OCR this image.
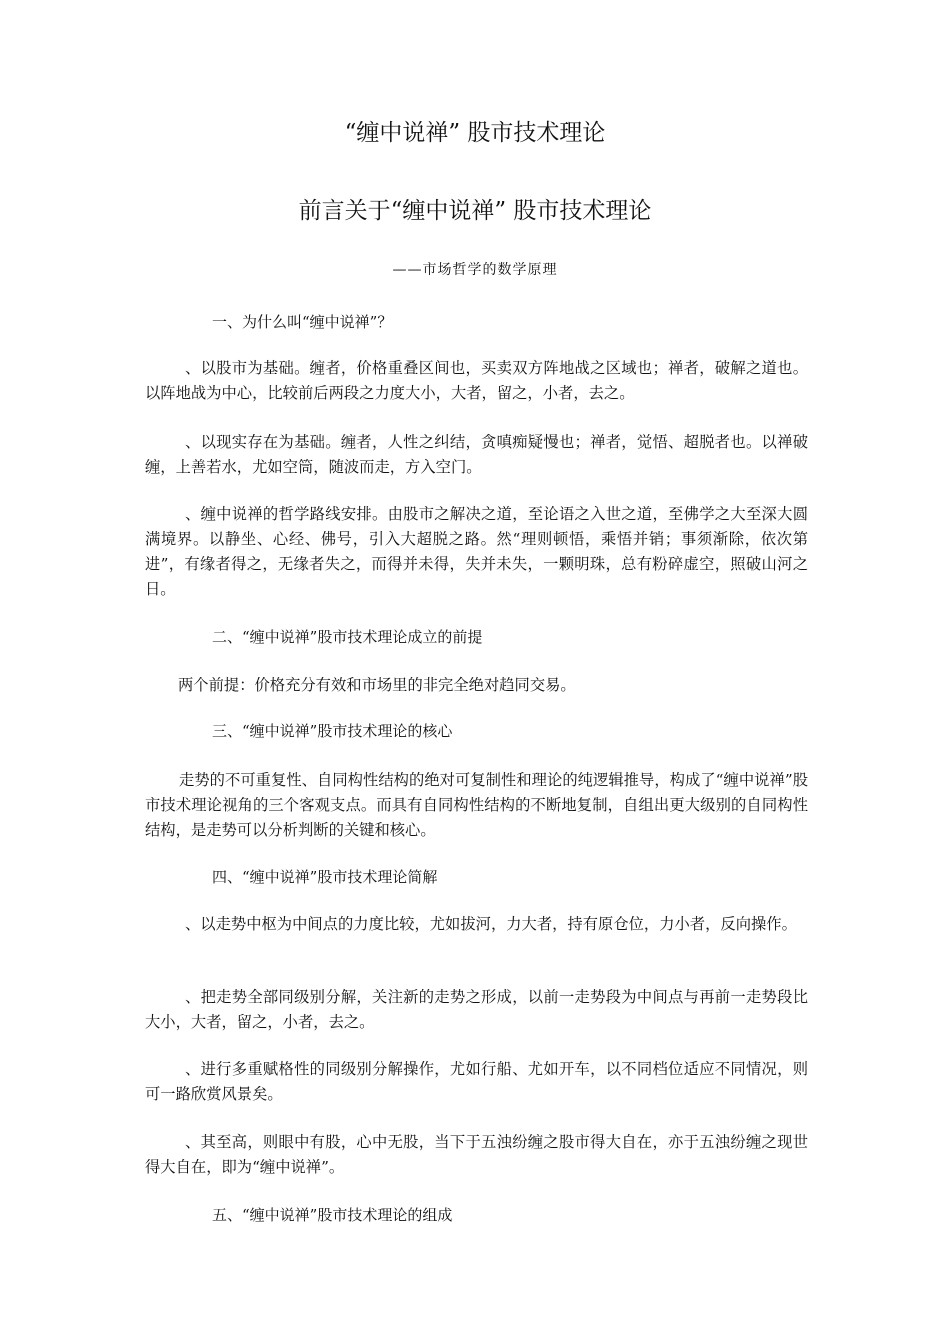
“缠中说禅” 股市技术理论
前言关于“缠中说禅” 股市技术理论
——市场哲学的数学原理
一、为什么叫“缠中说禅”？
、以股市为基础。缠者，价格重叠区间也，买卖双方阵地战之区域也；禅者，破解之道也。以阵地战为中心，比较前后两段之力度大小，大者，留之，小者，去之。
、以现实存在为基础。缠者，人性之纠结，贪嗔痴疑慢也；禅者，觉悟、超脱者也。以禅破缠，上善若水，尤如空筒，随波而走，方入空门。
、缠中说禅的哲学路线安排。由股市之解决之道，至论语之入世之道，至佛学之大至深大圆满境界。以静坐、心经、佛号，引入大超脱之路。然“理则顿悟，乘悟并销；事须渐除，依次第进”，有缘者得之，无缘者失之，而得并未得，失并未失，一颗明珠，总有粉碎虚空，照破山河之日。
二、“缠中说禅”股市技术理论成立的前提
两个前提：价格充分有效和市场里的非完全绝对趋同交易。
三、“缠中说禅”股市技术理论的核心
走势的不可重复性、自同构性结构的绝对可复制性和理论的纯逻辑推导，构成了“缠中说禅”股市技术理论视角的三个客观支点。而具有自同构性结构的不断地复制，自组出更大级别的自同构性结构，是走势可以分析判断的关键和核心。
四、“缠中说禅”股市技术理论简解
、以走势中枢为中间点的力度比较，尤如拔河，力大者，持有原仓位，力小者，反向操作。
、把走势全部同级别分解，关注新的走势之形成，以前一走势段为中间点与再前一走势段比大小，大者，留之，小者，去之。
、进行多重赋格性的同级别分解操作，尤如行船、尤如开车，以不同档位适应不同情况，则可一路欣赏风景矣。
、其至高，则眼中有股，心中无股，当下于五浊纷缠之股市得大自在，亦于五浊纷缠之现世得大自在，即为“缠中说禅”。
五、“缠中说禅”股市技术理论的组成
